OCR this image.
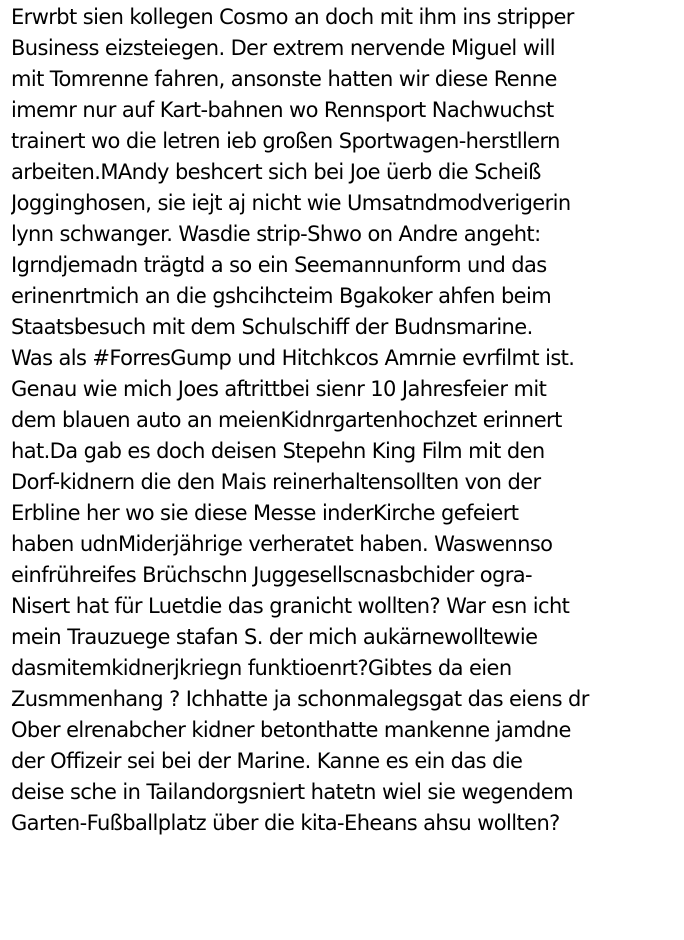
Erwrbt sien kollegen Cosmo an doch mit ihm ins stripper
Business eizsteiegen. Der extrem nervende Miguel will
mit Tomrenne fahren, ansonste hatten wir diese Renne
imemr nur auf Kart-bahnen wo Rennsport Nachwuchst
trainert wo die letren ieb großen Sportwagen-herstllern
arbeiten.MAndy beshcert sich bei Joe üerb die Scheiß
Jogginghosen, sie iejt aj nicht wie Umsatndmodverigerin
lynn schwanger. Wasdie strip-Shwo on Andre angeht:
Igrndjemadn trägtd a so ein Seemannunform und das
erinenrtmich an die gshcihcteim Bgakoker ahfen beim
Staatsbesuch mit dem Schulschiff der Budnsmarine.
Was als #ForresGump und Hitchkcos Amrnie evrfilmt ist.
Genau wie mich Joes aftrittbei sienr 10 Jahresfeier mit
dem blauen auto an meienKidnrgartenhochzet erinnert
hat.Da gab es doch deisen Stepehn King Film mit den
Dorf-kidnern die den Mais reinerhaltensollten von der
Erbline her wo sie diese Messe inderKirche gefeiert
haben udnMiderjährige verheratet haben. Waswennso
einfrühreifes Brüchschn Juggesellscnasbchider ogra-
Nisert hat für Luetdie das granicht wollten? War esn icht
mein Trauzuege stafan S. der mich aukärnewolltewie
dasmitemkidnerjkriegn funktioenrt?Gibtes da eien
Zusmmenhang ? Ichhatte ja schonmalegsgat das eiens dr
Ober elrenabcher kidner betonthatte mankenne jamdne
der Offizeir sei bei der Marine. Kanne es ein das die
deise sche in Tailandorgsniert hatetn wiel sie wegendem
Garten-Fußballplatz über die kita-Eheans ahsu wollten?
